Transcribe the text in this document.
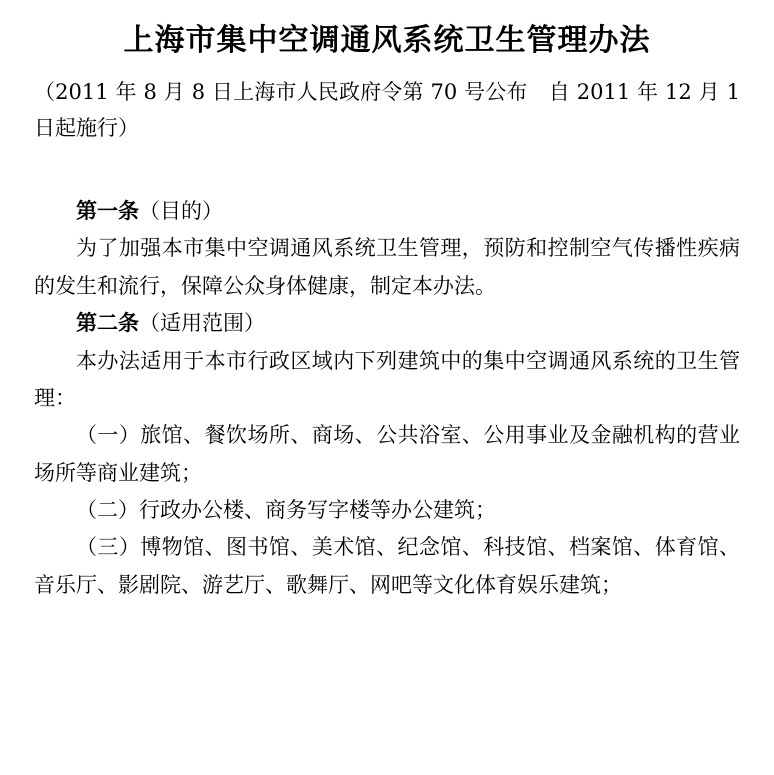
上海市集中空调通风系统卫生管理办法
（2011 年 8 月 8 日上海市人民政府令第 70 号公布　自 2011 年 12 月 1 日起施行）
第一条（目的）

为了加强本市集中空调通风系统卫生管理，预防和控制空气传播性疾病的发生和流行，保障公众身体健康，制定本办法。

第二条（适用范围）

本办法适用于本市行政区域内下列建筑中的集中空调通风系统的卫生管理：

（一）旅馆、餐饮场所、商场、公共浴室、公用事业及金融机构的营业场所等商业建筑；

（二）行政办公楼、商务写字楼等办公建筑；

（三）博物馆、图书馆、美术馆、纪念馆、科技馆、档案馆、体育馆、音乐厅、影剧院、游艺厅、歌舞厅、网吧等文化体育娱乐建筑；
